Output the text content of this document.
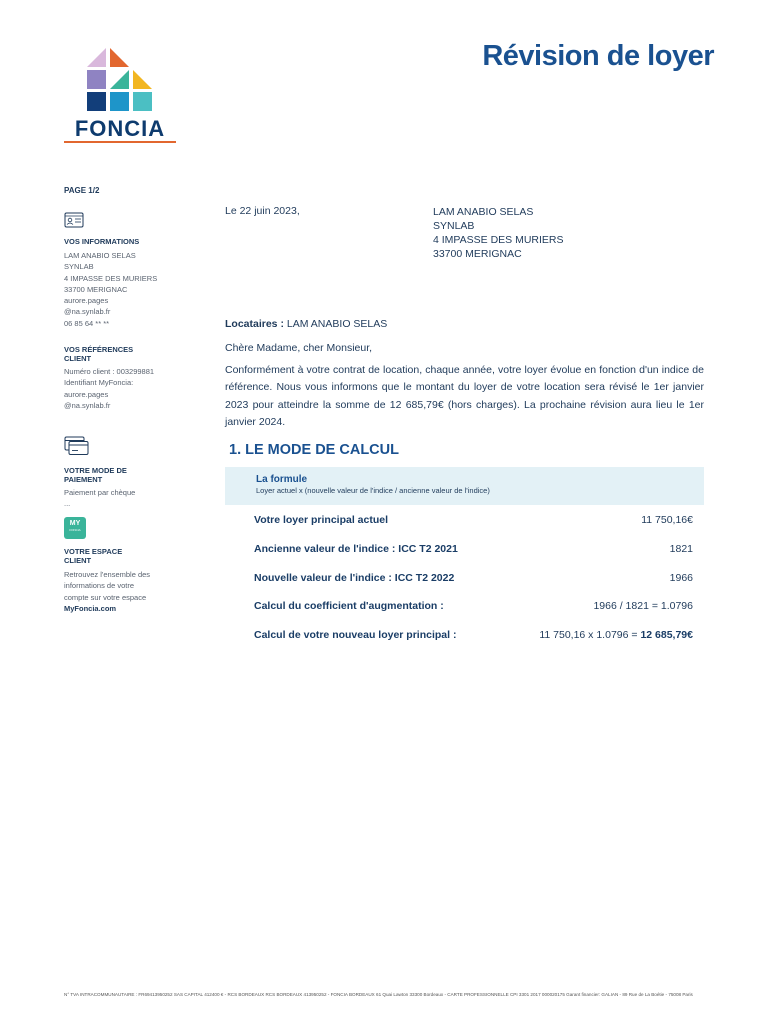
FONCIA
Révision de loyer
PAGE 1/2
VOS INFORMATIONS
LAM ANABIO SELAS
SYNLAB
4 IMPASSE DES MURIERS
33700 MERIGNAC
aurore.pages
@na.synlab.fr
06 85 64 ** **
VOS RÉFÉRENCES CLIENT
Numéro client : 003299881
Identifiant MyFoncia:
aurore.pages
@na.synlab.fr
VOTRE MODE DE PAIEMENT
Paiement par chèque
...
MY
FONCIA
VOTRE ESPACE CLIENT
Retrouvez l'ensemble des
informations de votre
compte sur votre espace
MyFoncia.com
Le 22 juin 2023,	LAM ANABIO SELAS
SYNLAB
4 IMPASSE DES MURIERS
33700 MERIGNAC
Locataires : LAM ANABIO SELAS
Chère Madame, cher Monsieur,
Conformément à votre contrat de location, chaque année, votre loyer évolue en fonction d'un indice de référence. Nous vous informons que le montant du loyer de votre location sera révisé le 1er janvier 2023 pour atteindre la somme de 12 685,79€ (hors charges). La prochaine révision aura lieu le 1er janvier 2024.
1. LE MODE DE CALCUL
La formule
Loyer actuel x (nouvelle valeur de l'indice / ancienne valeur de l'indice)
Votre loyer principal actuel	11 750,16€
Ancienne valeur de l'indice : ICC T2 2021	1821
Nouvelle valeur de l'indice : ICC T2 2022	1966
Calcul du coefficient d'augmentation :	1966 / 1821 = 1.0796
Calcul de votre nouveau loyer principal :	11 750,16 x 1.0796 = 12 685,79€
N° TVA INTRACOMMUNAUTAIRE : FR69413950252 SAS CAPITAL 412400 € - RCS BORDEAUX RCS BORDEAUX 413950252 - FONCIA BORDEAUX 61 Quai Lawton 33300 Bordeaux - CARTE PROFESSIONNELLE CPI 3301 2017 000020175 Garant financier: GALIAN - 89 Rue de La Boétie - 75008 Paris
